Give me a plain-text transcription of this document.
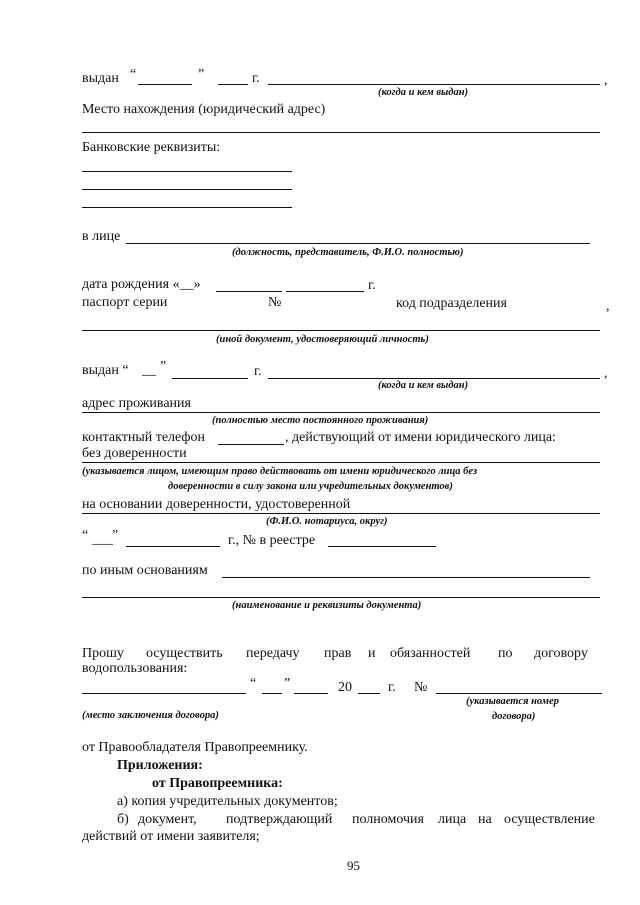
выдан “	”	г.	,
(когда и кем выдан)
Место нахождения (юридический адрес)
Банковские реквизиты:
в лице
(должность, представитель, Ф.И.О. полностью)
дата рождения «__»	г.
паспорт серии	№	код подразделения	,
(иной документ, удостоверяющий личность)
выдан “ __ ”	г.	,
(когда и кем выдан)
адрес проживания
(полностью место постоянного проживания)
контактный телефон	, действующий от имени юридического лица:
без доверенности
(указывается лицом, имеющим право действовать от имени юридического лица без
доверенности в силу закона или учредительных документов)
на основании доверенности, удостоверенной
(Ф.И.О. нотариуса, округ)
“ ___ ”	г., № в реестре
по иным основаниям
(наименование и реквизиты документа)
Прошу осуществить передачу прав и обязанностей по договору
водопользования:
“ ”	20	г. №
(место заключения договора)
(указывается номер
договора)
от Правообладателя Правопреемнику.
Приложения:
от Правопреемника:
а) копия учредительных документов;
б) документ, подтверждающий полномочия лица на осуществление
действий от имени заявителя;
95
